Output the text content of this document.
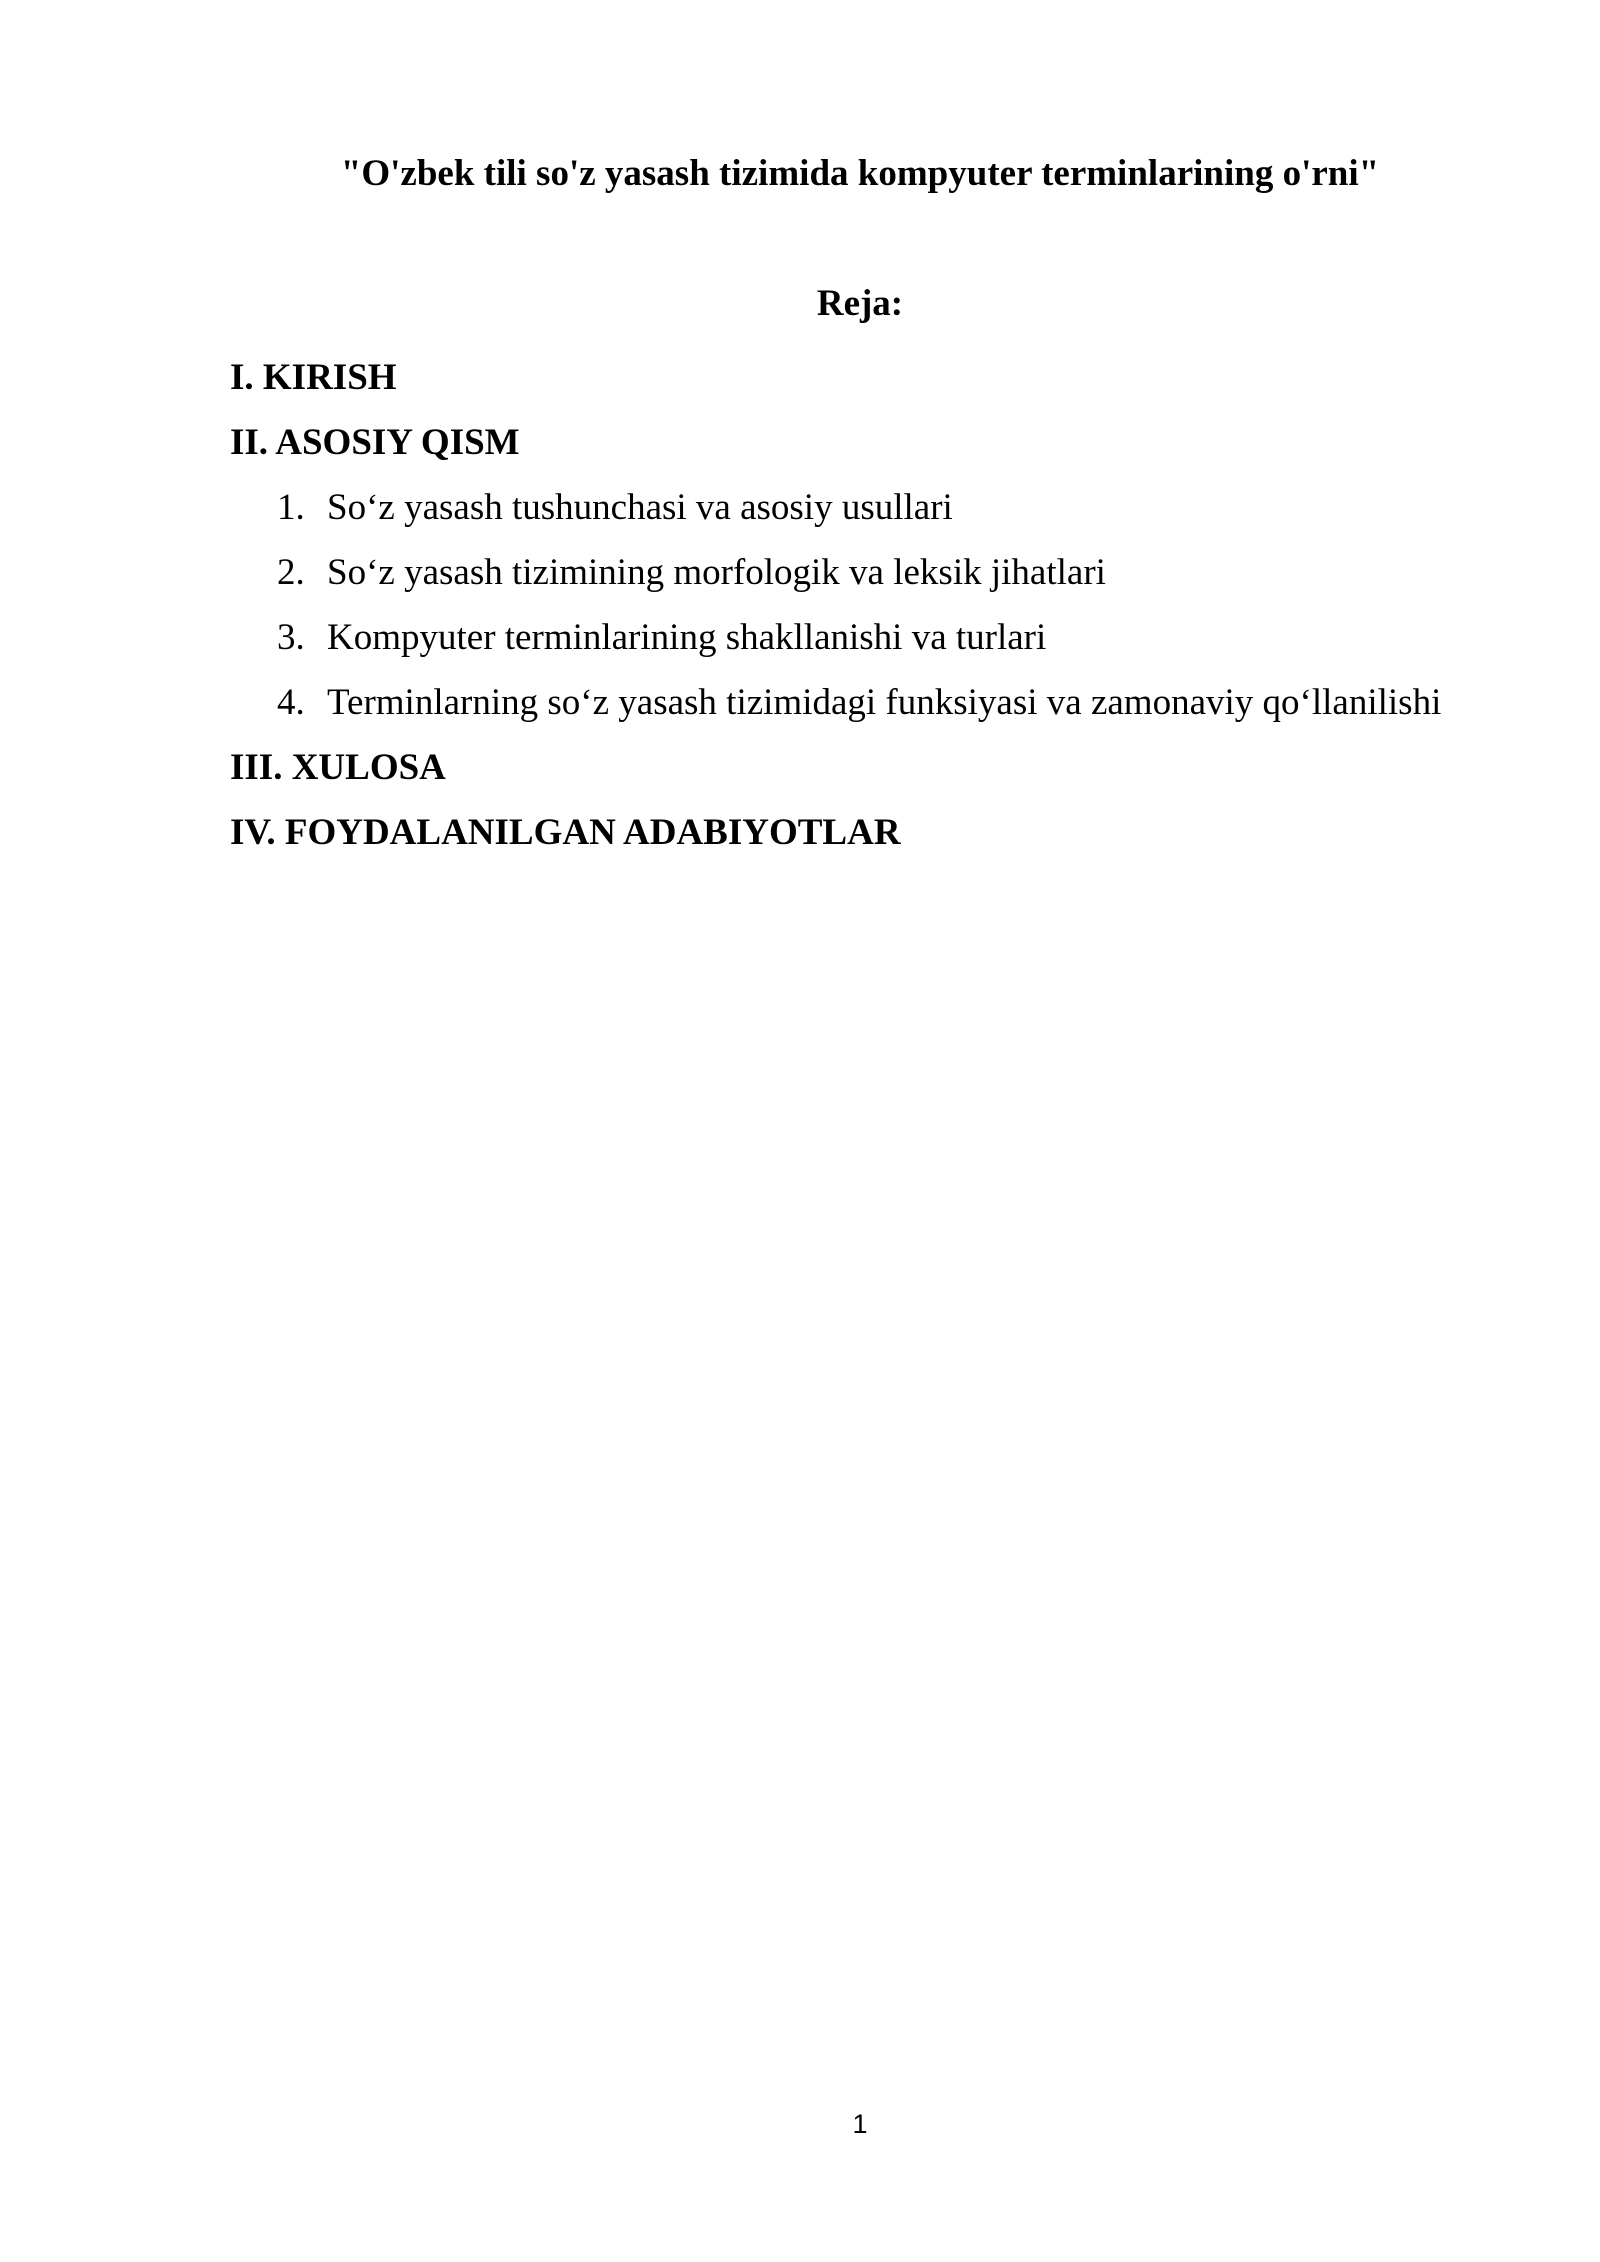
"O'zbek tili so'z yasash tizimida kompyuter terminlarining o'rni"
Reja:
I. KIRISH
II. ASOSIY QISM
1. So‘z yasash tushunchasi va asosiy usullari
2. So‘z yasash tizimining morfologik va leksik jihatlari
3. Kompyuter terminlarining shakllanishi va turlari
4. Terminlarning so‘z yasash tizimidagi funksiyasi va zamonaviy qo‘llanilishi
III. XULOSA
IV. FOYDALANILGAN ADABIYOTLAR
1
